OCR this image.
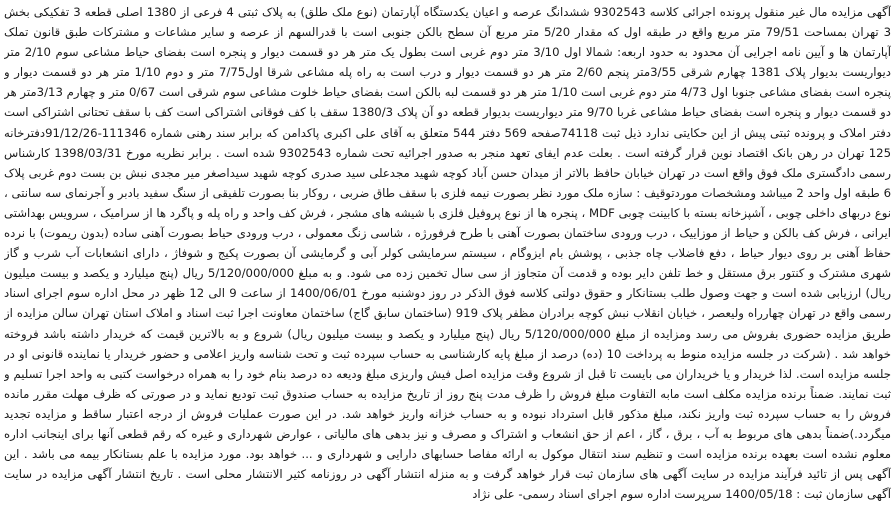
آگهی مزایده مال غیر منقول پرونده اجرائی کلاسه 9302543 ششدانگ عرصه و اعیان یکدستگاه آپارتمان (نوع ملک طلق) به پلاک ثبتی 4 فرعی از 1380 اصلی قطعه 3 تفکیکی بخش 3 تهران بمساحت 79/51 متر مربع واقع در طبقه اول که مقدار 5/20 متر مربع آن سطح بالکن جنوبی است با قدرالسهم از عرصه و سایر مشاعات و مشترکات طبق قانون تملک آپارتمان ها و آیین نامه اجرایی آن محدود به حدود اربعه: شمالا اول 3/10 متر دوم غربی است بطول یک متر هر دو قسمت دیوار و پنجره است بفضای حیاط مشاعی سوم 2/10 متر دیواریست بدیوار پلاک 1381 چهارم شرقی 3/55متر پنجم 2/60 متر هر دو قسمت دیوار و درب است به راه پله مشاعی شرقا اول7/75 متر و دوم 1/10 متر هر دو قسمت دیوار و پنجره است بفضای مشاعی جنوبا اول 4/73 متر دوم غربی است 1/10 متر هر دو قسمت لبه بالکن است بفضای حیاط خلوت مشاعی سوم شرقی است 0/67 متر و چهارم 3/13متر هر دو قسمت دیوار و پنجره است بفضای حیاط مشاعی غربا 9/70 متر دیواریست بدیوار قطعه دو آن پلاک 1380/3 سقف با کف فوقانی اشتراکی است کف با سقف تحتانی اشتراکی است دفتر املاک و پرونده ثبتی پیش از این حکایتی ندارد ذیل ثبت 74118صفحه 569 دفتر 544 متعلق به آقای علی اکبری پاکدامن که برابر سند رهنی شماره 111346-91/12/26دفترخانه 125 تهران در رهن بانک اقتصاد نوین قرار گرفته است . بعلت عدم ایفای تعهد منجر به صدور اجرائیه تحت شماره 9302543 شده است . برابر نظریه مورخ 1398/03/31 کارشناس رسمی دادگستری ملک فوق واقع است در تهران خیابان حافظ بالاتر از میدان حسن آباد کوچه شهید مجدعلی سید صدری کوچه شهید سیداصغر میر مجدی نبش بن بست دوم غربی پلاک 6 طبقه اول واحد 2 میباشد ومشخصات موردتوقیف : سازه ملک مورد نظر بصورت نیمه فلزی با سقف طاق ضربی ، روکار بنا بصورت تلفیقی از سنگ سفید بادبر و آجرنمای سه سانتی ، نوع دربهای داخلی چوبی ، آشپزخانه بسته با کابینت چوبی MDF ، پنجره ها از نوع پروفیل فلزی با شیشه های مشجر ، فرش کف واحد و راه پله و پاگرد ها از سرامیک ، سرویس بهداشتی ایرانی ، فرش کف بالکن و حیاط از موزاییک ، درب ورودی ساختمان بصورت آهنی با طرح فرفورژه ، شاسی زنگ معمولی ، درب ورودی حیاط بصورت آهنی ساده (بدون ریموت) با نرده حفاظ آهنی بر روی دیوار حیاط ، دفع فاضلاب چاه جذبی ، پوشش بام ایزوگام ، سیستم سرمایشی کولر آبی و گرمایشی آن بصورت پکیج و شوفاژ ، دارای انشعابات آب شرب و گاز شهری مشترک و کنتور برق مستقل و خط تلفن دایر بوده و قدمت آن متجاوز از سی سال تخمین زده می شود. و به مبلغ 5/120/000/000 ریال (پنج میلیارد و یکصد و بیست میلیون ریال) ارزیابی شده است و جهت وصول طلب بستانکار و حقوق دولتی کلاسه فوق الذکر در روز دوشنبه مورخ 1400/06/01 از ساعت 9 الی 12 ظهر در محل اداره سوم اجرای اسناد رسمی واقع در تهران چهارراه ولیعصر ، خیابان انقلاب نبش کوچه برادران مظفر پلاک 919 (ساختمان سابق گاج) ساختمان معاونت اجرا ثبت اسناد و املاک استان تهران سالن مزایده از طریق مزایده حضوری بفروش می رسد ومزایده از مبلغ 5/120/000/000 ریال (پنج میلیارد و یکصد و بیست میلیون ریال) شروع و به بالاترین قیمت که خریدار داشته باشد فروخته خواهد شد . (شرکت در جلسه مزایده منوط به پرداخت 10 (ده) درصد از مبلغ پایه کارشناسی به حساب سپرده ثبت و تحت شناسه واریز اعلامی و حضور خریدار یا نماینده قانونی او در جلسه مزایده است. لذا خریدار و یا خریداران می بایست تا قبل از شروع وقت مزایده اصل فیش واریزی مبلغ ودیعه ده درصد بنام خود را به همراه درخواست کتبی به واحد اجرا تسلیم و ثبت نمایند. ضمناً برنده مزایده مکلف است مابه التفاوت مبلغ فروش را ظرف مدت پنج روز از تاریخ مزایده به حساب صندوق ثبت تودیع نماید و در صورتی که ظرف مهلت مقرر مانده فروش را به حساب سپرده ثبت واریز نکند، مبلغ مذکور قابل استرداد نبوده و به حساب خزانه واریز خواهد شد. در این صورت عملیات فروش از درجه اعتبار ساقط و مزایده تجدید میگردد.)ضمناً بدهی های مربوط به آب ، برق ، گاز ، اعم از حق انشعاب و اشتراک و مصرف و نیز بدهی های مالیاتی ، عوارض شهرداری و غیره که رقم قطعی آنها برای اینجانب اداره معلوم نشده است بعهده برنده مزایده است و تنظیم سند انتقال موکول به ارائه مفاصا حسابهای دارایی و شهرداری و ... خواهد بود. مورد مزایده با علم بستانکار بیمه می باشد . این آگهی پس از تائید فرآیند مزایده در سایت آگهی های سازمان ثبت قرار خواهد گرفت و به منزله انتشار آگهی در روزنامه کثیر الانتشار محلی است . تاریخ انتشار آگهی مزایده در سایت آگهی سازمان ثبت : 1400/05/18 سرپرست اداره سوم اجرای اسناد رسمی- علی نژاد
